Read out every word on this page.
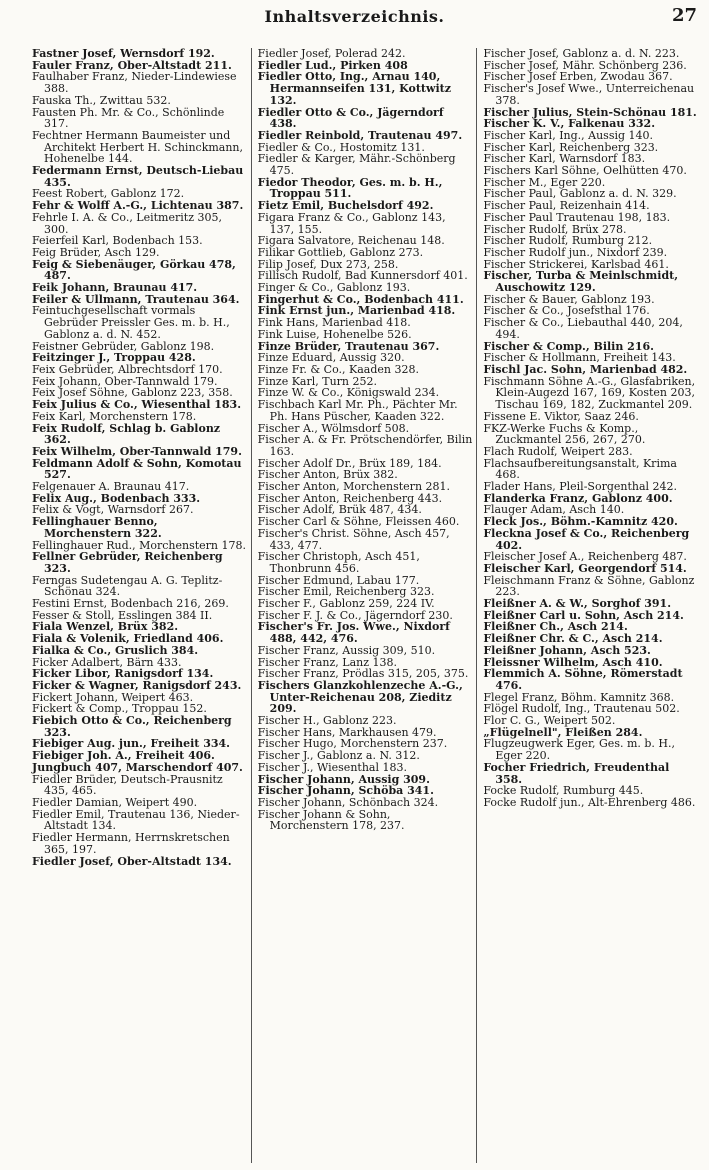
Inhaltsverzeichnis.	27

Fastner Josef, Wernsdorf 192.

Fauler Franz, Ober-Altstadt 211.

Faulhaber Franz, Nieder-Lindewiese 388.

Fauska Th., Zwittau 532.

Fausten Ph. Mr. & Co., Schönlinde 317.

Fechtner Hermann Baumeister und Architekt Herbert H. Schinckmann, Hohenelbe 144.

Federmann Ernst, Deutsch-Liebau 435.

Feest Robert, Gablonz 172.

Fehr & Wolff A.-G., Lichtenau 387.

Fehrle I. A. & Co., Leitmeritz 305, 300.

Feierfeil Karl, Bodenbach 153.

Feig Brüder, Asch 129.

Feig & Siebenäuger, Görkau 478, 487.

Feik Johann, Braunau 417.

Feiler & Ullmann, Trautenau 364.

Feintuchgesellschaft vormals Gebrüder Preissler Ges. m. b. H., Gablonz a. d. N. 452.

Feistner Gebrüder, Gablonz 198.

Feitzinger J., Troppau 428.

Feix Gebrüder, Albrechtsdorf 170.

Feix Johann, Ober-Tannwald 179.

Feix Josef Söhne, Gablonz 223, 358.

Feix Julius & Co., Wiesenthal 183.

Feix Karl, Morchenstern 178.

Feix Rudolf, Schlag b. Gablonz 362.

Feix Wilhelm, Ober-Tannwald 179.

Feldmann Adolf & Sohn, Komotau 527.

Felgenauer A. Braunau 417.

Felix Aug., Bodenbach 333.

Felix & Vogt, Warnsdorf 267.

Fellinghauer Benno, Morchenstern 322.

Fellinghauer Rud., Morchenstern 178.

Fellner Gebrüder, Reichenberg 323.

Ferngas Sudetengau A. G. Teplitz-Schönau 324.

Festini Ernst, Bodenbach 216, 269.

Fesser & Stoll, Esslingen 384 II.

Fiala Wenzel, Brüx 382.

Fiala & Volenik, Friedland 406.

Fialka & Co., Gruslich 384.

Ficker Adalbert, Bärn 433.

Ficker Libor, Ranigsdorf 134.

Ficker & Wagner, Ranigsdorf 243.

Fickert Johann, Weipert 463.

Fickert & Comp., Troppau 152.

Fiebich Otto & Co., Reichenberg 323.

Fiebiger Aug. jun., Freiheit 334.

Fiebiger Joh. A., Freiheit 406.

Jungbuch 407, Marschendorf 407.

Fiedler Brüder, Deutsch-Prausnitz 435, 465.

Fiedler Damian, Weipert 490.

Fiedler Emil, Trautenau 136, Nieder-Altstadt 134.

Fiedler Hermann, Herrnskretschen 365, 197.

Fiedler Josef, Ober-Altstadt 134.

Fiedler Josef, Polerad 242.

Fiedler Lud., Pirken 408

Fiedler Otto, Ing., Arnau 140, Hermannseifen 131, Kottwitz 132.

Fiedler Otto & Co., Jägerndorf 438.

Fiedler Reinbold, Trautenau 497.

Fiedler & Co., Hostomitz 131.

Fiedler & Karger, Mähr.-Schönberg 475.

Fiedor Theodor, Ges. m. b. H., Troppau 511.

Fietz Emil, Buchelsdorf 492.

Figara Franz & Co., Gablonz 143, 137, 155.

Figara Salvatore, Reichenau 148.

Filikar Gottlieb, Gablonz 273.

Filip Josef, Dux 273, 258.

Fillisch Rudolf, Bad Kunnersdorf 401.

Finger & Co., Gablonz 193.

Fingerhut & Co., Bodenbach 411.

Fink Ernst jun., Marienbad 418.

Fink Hans, Marienbad 418.

Fink Luise, Hohenelbe 526.

Finze Brüder, Trautenau 367.

Finze Eduard, Aussig 320.

Finze Fr. & Co., Kaaden 328.

Finze Karl, Turn 252.

Finze W. & Co., Königswald 234.

Fischbach Karl Mr. Ph., Pächter Mr. Ph. Hans Püscher, Kaaden 322.

Fischer A., Wölmsdorf 508.

Fischer A. & Fr. Prötschendörfer, Bilin 163.

Fischer Adolf Dr., Brüx 189, 184.

Fischer Anton, Brüx 382.

Fischer Anton, Morchenstern 281.

Fischer Anton, Reichenberg 443.

Fischer Adolf, Brük 487, 434.

Fischer Carl & Söhne, Fleissen 460.

Fischer's Christ. Söhne, Asch 457, 433, 477.

Fischer Christoph, Asch 451, Thonbrunn 456.

Fischer Edmund, Labau 177.

Fischer Emil, Reichenberg 323.

Fischer F., Gablonz 259, 224 IV.

Fischer F. J. & Co., Jägerndorf 230.

Fischer's Fr. Jos. Wwe., Nixdorf 488, 442, 476.

Fischer Franz, Aussig 309, 510.

Fischer Franz, Lanz 138.

Fischer Franz, Prödlas 315, 205, 375.

Fischers Glanzkohlenzeche A.-G., Unter-Reichenau 208, Zieditz 209.

Fischer H., Gablonz 223.

Fischer Hans, Markhausen 479.

Fischer Hugo, Morchenstern 237.

Fischer J., Gablonz a. N. 312.

Fischer J., Wiesenthal 183.

Fischer Johann, Aussig 309.

Fischer Johann, Schöba 341.

Fischer Johann, Schönbach 324.

Fischer Johann & Sohn, Morchenstern 178, 237.

Fischer Josef, Gablonz a. d. N. 223.

Fischer Josef, Mähr. Schönberg 236.

Fischer Josef Erben, Zwodau 367.

Fischer's Josef Wwe., Unterreichenau 378.

Fischer Julius, Stein-Schönau 181.

Fischer K. V., Falkenau 332.

Fischer Karl, Ing., Aussig 140.

Fischer Karl, Reichenberg 323.

Fischer Karl, Warnsdorf 183.

Fischers Karl Söhne, Oelhütten 470.

Fischer M., Eger 220.

Fischer Paul, Gablonz a. d. N. 329.

Fischer Paul, Reizenhain 414.

Fischer Paul Trautenau 198, 183.

Fischer Rudolf, Brüx 278.

Fischer Rudolf, Rumburg 212.

Fischer Rudolf jun., Nixdorf 239.

Fischer Strickerei, Karlsbad 461.

Fischer, Turba & Meinlschmidt, Auschowitz 129.

Fischer & Bauer, Gablonz 193.

Fischer & Co., Josefsthal 176.

Fischer & Co., Liebauthal 440, 204, 494.

Fischer & Comp., Bilin 216.

Fischer & Hollmann, Freiheit 143.

Fischl Jac. Sohn, Marienbad 482.

Fischmann Söhne A.-G., Glasfabriken, Klein-Augezd 167, 169, Kosten 203, Tischau 169, 182, Zuckmantel 209.

Fissene E. Viktor, Saaz 246.

FKZ-Werke Fuchs & Komp., Zuckmantel 256, 267, 270.

Flach Rudolf, Weipert 283.

Flachsaufbereitungsanstalt, Krima 468.

Flader Hans, Pleil-Sorgenthal 242.

Flanderka Franz, Gablonz 400.

Flauger Adam, Asch 140.

Fleck Jos., Böhm.-Kamnitz 420.

Fleckna Josef & Co., Reichenberg 402.

Fleischer Josef A., Reichenberg 487.

Fleischer Karl, Georgendorf 514.

Fleischmann Franz & Söhne, Gablonz 223.

Fleißner A. & W., Sorghof 391.

Fleißner Carl u. Sohn, Asch 214.

Fleißner Ch., Asch 214.

Fleißner Chr. & C., Asch 214.

Fleißner Johann, Asch 523.

Fleissner Wilhelm, Asch 410.

Flemmich A. Söhne, Römerstadt 476.

Flegel Franz, Böhm. Kamnitz 368.

Flögel Rudolf, Ing., Trautenau 502.

Flor C. G., Weipert 502.

„Flügelnell", Fleißen 284.

Flugzeugwerk Eger, Ges. m. b. H., Eger 220.

Focher Friedrich, Freudenthal 358.

Focke Rudolf, Rumburg 445.

Focke Rudolf jun., Alt-Ehrenberg 486.
